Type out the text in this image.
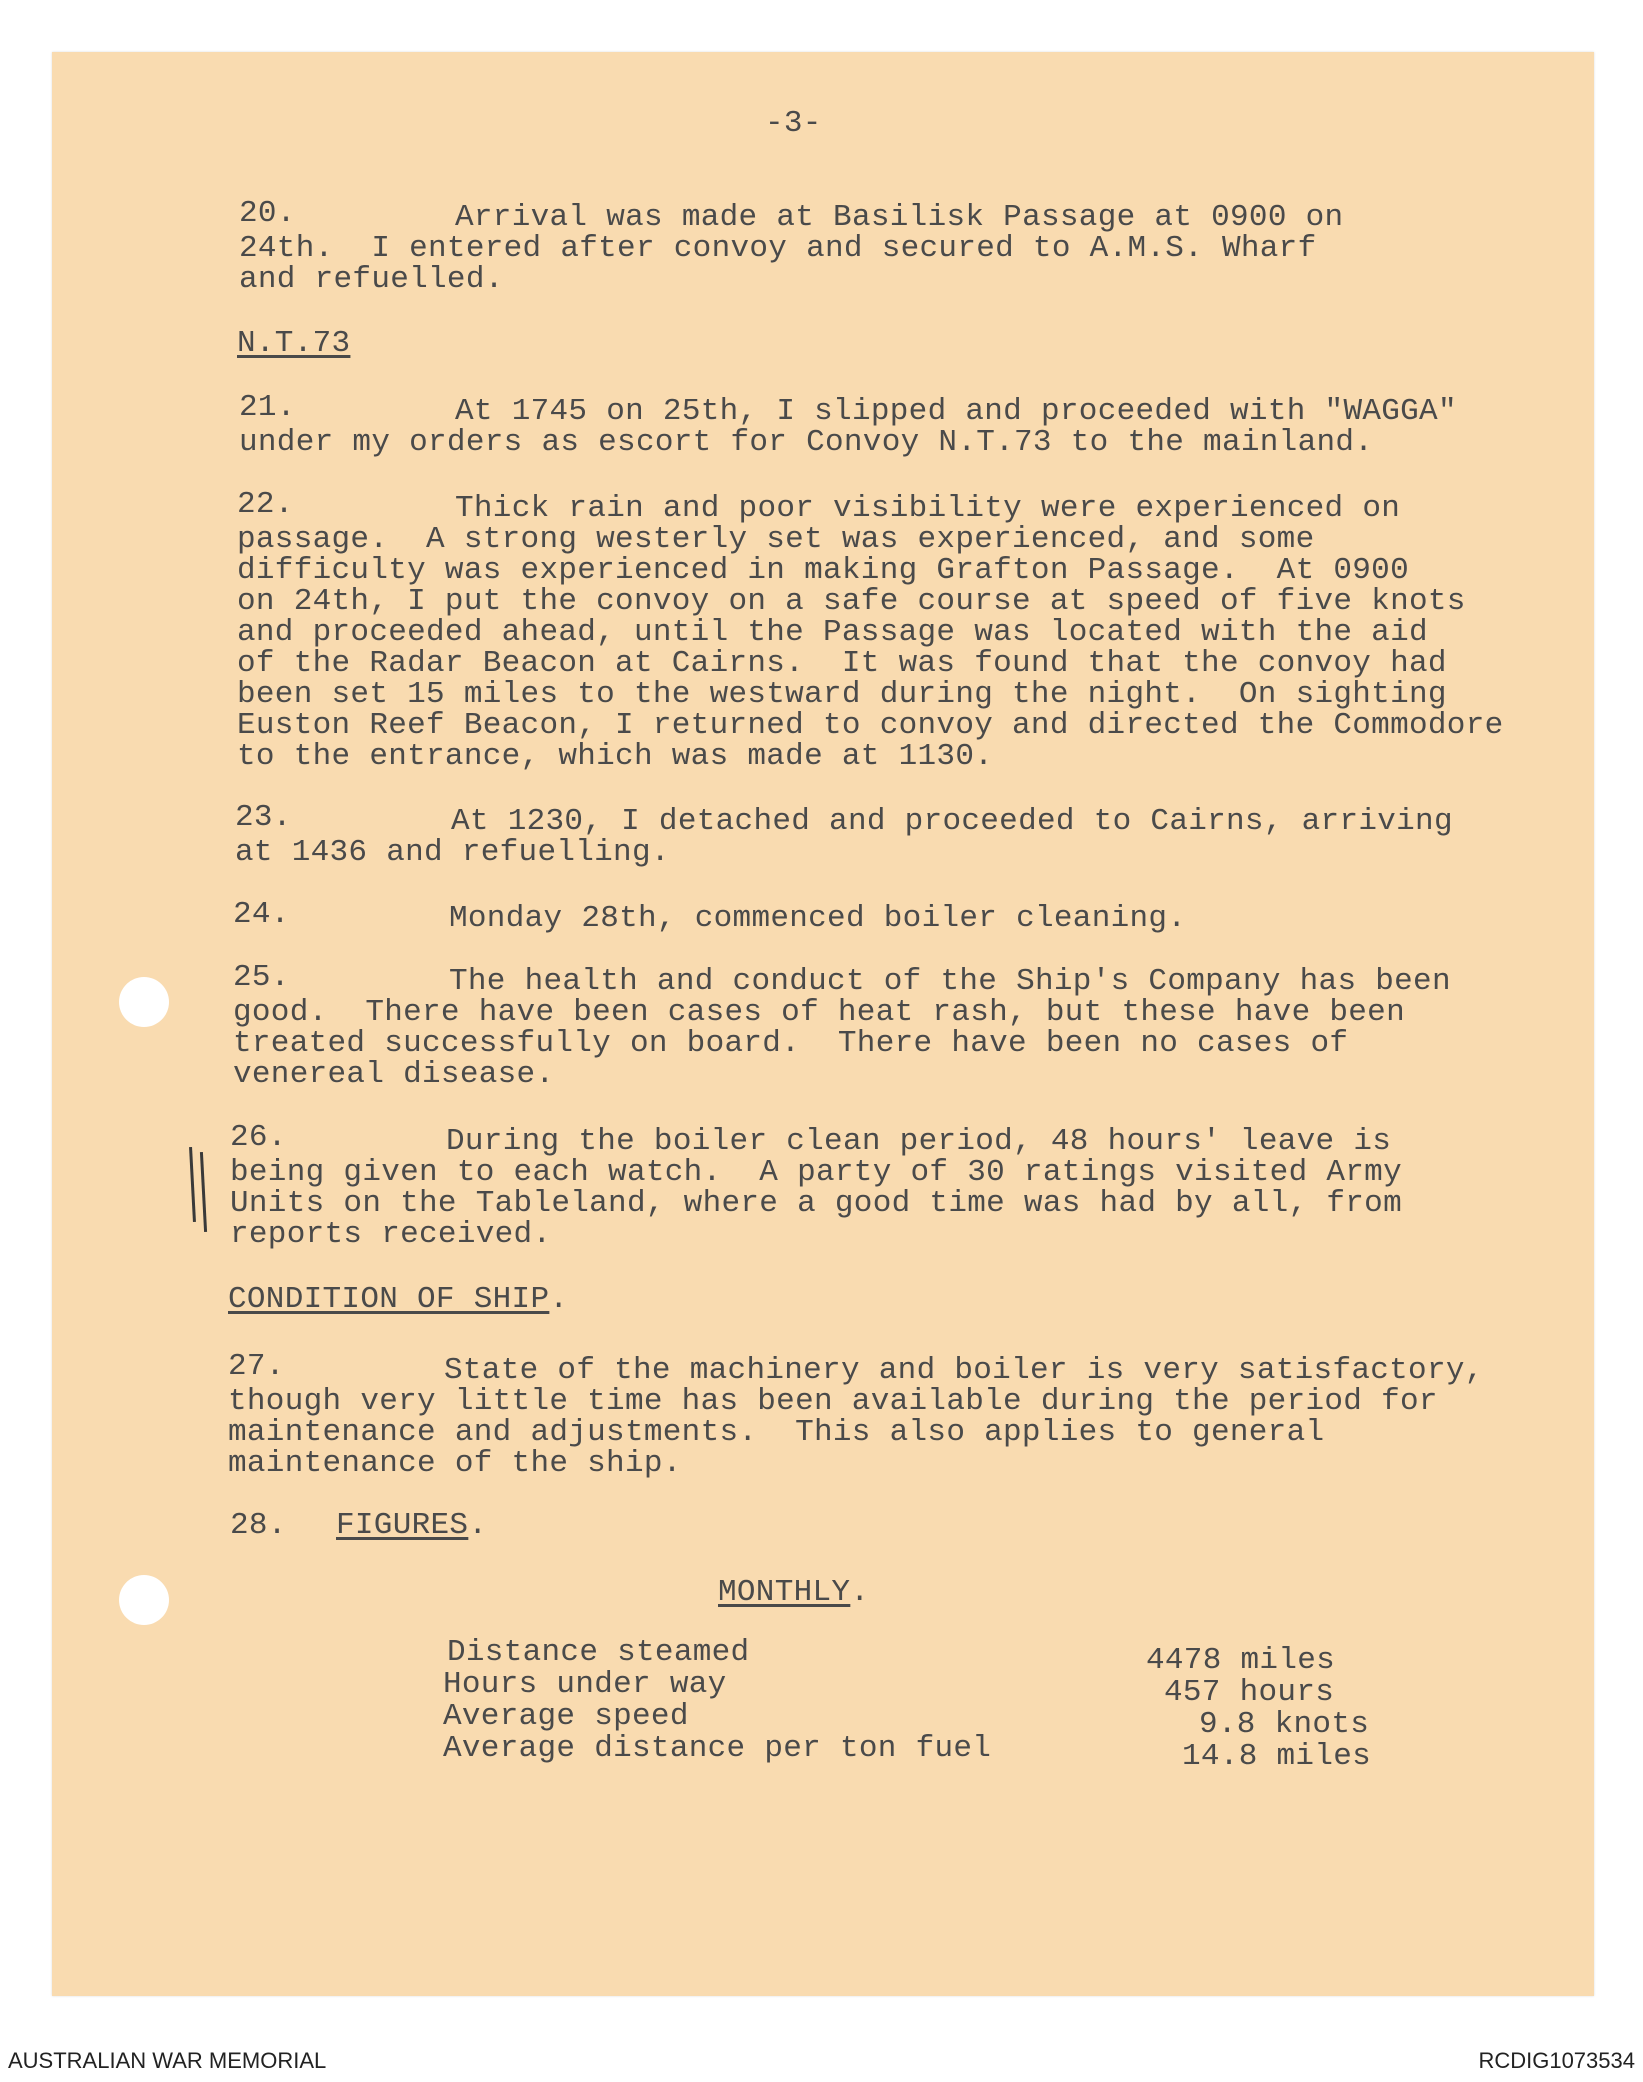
-3-
20.	Arrival was made at Basilisk Passage at 0900 on
24th.  I entered after convoy and secured to A.M.S. Wharf
and refuelled.
N.T.73
21.	At 1745 on 25th, I slipped and proceeded with "WAGGA"
under my orders as escort for Convoy N.T.73 to the mainland.
22.	Thick rain and poor visibility were experienced on
passage.  A strong westerly set was experienced, and some
difficulty was experienced in making Grafton Passage.  At 0900
on 24th, I put the convoy on a safe course at speed of five knots
and proceeded ahead, until the Passage was located with the aid
of the Radar Beacon at Cairns.  It was found that the convoy had
been set 15 miles to the westward during the night.  On sighting
Euston Reef Beacon, I returned to convoy and directed the Commodore
to the entrance, which was made at 1130.
23.	At 1230, I detached and proceeded to Cairns, arriving
at 1436 and refuelling.
24.	Monday 28th, commenced boiler cleaning.
25.	The health and conduct of the Ship's Company has been
good.  There have been cases of heat rash, but these have been
treated successfully on board.  There have been no cases of
venereal disease.
26.	During the boiler clean period, 48 hours' leave is
being given to each watch.  A party of 30 ratings visited Army
Units on the Tableland, where a good time was had by all, from
reports received.
CONDITION OF SHIP.
27.	State of the machinery and boiler is very satisfactory,
though very little time has been available during the period for
maintenance and adjustments.  This also applies to general
maintenance of the ship.
28. FIGURES.
MONTHLY.
Distance steamed	4478 miles
Hours under way	457 hours
Average speed	9.8 knots
Average distance per ton fuel	14.8 miles
AUSTRALIAN WAR MEMORIAL	RCDIG1073534
